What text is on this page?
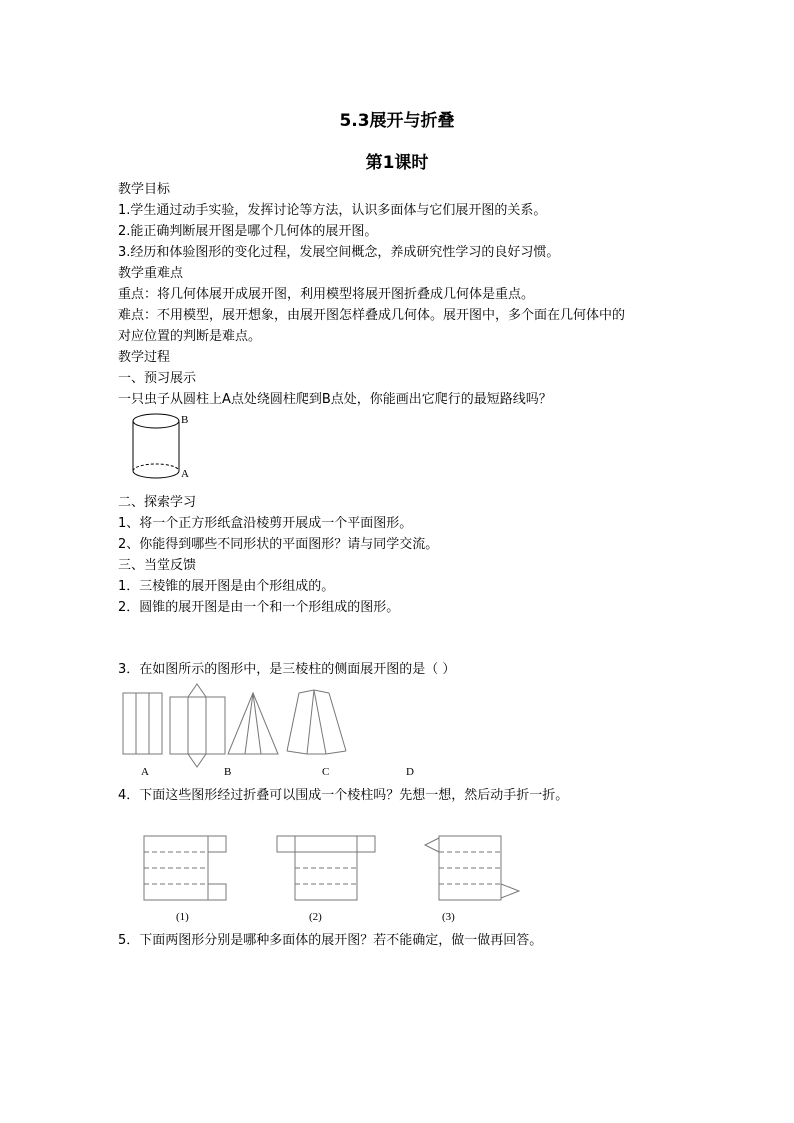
5.3展开与折叠
第1课时
教学目标
1.学生通过动手实验，发挥讨论等方法，认识多面体与它们展开图的关系。
2.能正确判断展开图是哪个几何体的展开图。
3.经历和体验图形的变化过程，发展空间概念，养成研究性学习的良好习惯。
教学重难点
重点：将几何体展开成展开图，利用模型将展开图折叠成几何体是重点。
难点：不用模型，展开想象，由展开图怎样叠成几何体。展开图中，多个面在几何体中的
对应位置的判断是难点。
教学过程
一、预习展示
一只虫子从圆柱上A点处绕圆柱爬到B点处，你能画出它爬行的最短路线吗？
二、探索学习
1、将一个正方形纸盒沿棱剪开展成一个平面图形。
2、你能得到哪些不同形状的平面图形？请与同学交流。
三、当堂反馈
1．三棱锥的展开图是由个形组成的。
2．圆锥的展开图是由一个和一个形组成的图形。
3．在如图所示的图形中，是三棱柱的侧面展开图的是（ ）
4．下面这些图形经过折叠可以围成一个棱柱吗？先想一想，然后动手折一折。
5．下面两图形分别是哪种多面体的展开图？若不能确定，做一做再回答。
B
A
A	B	C	D
(1)	(2)	(3)
